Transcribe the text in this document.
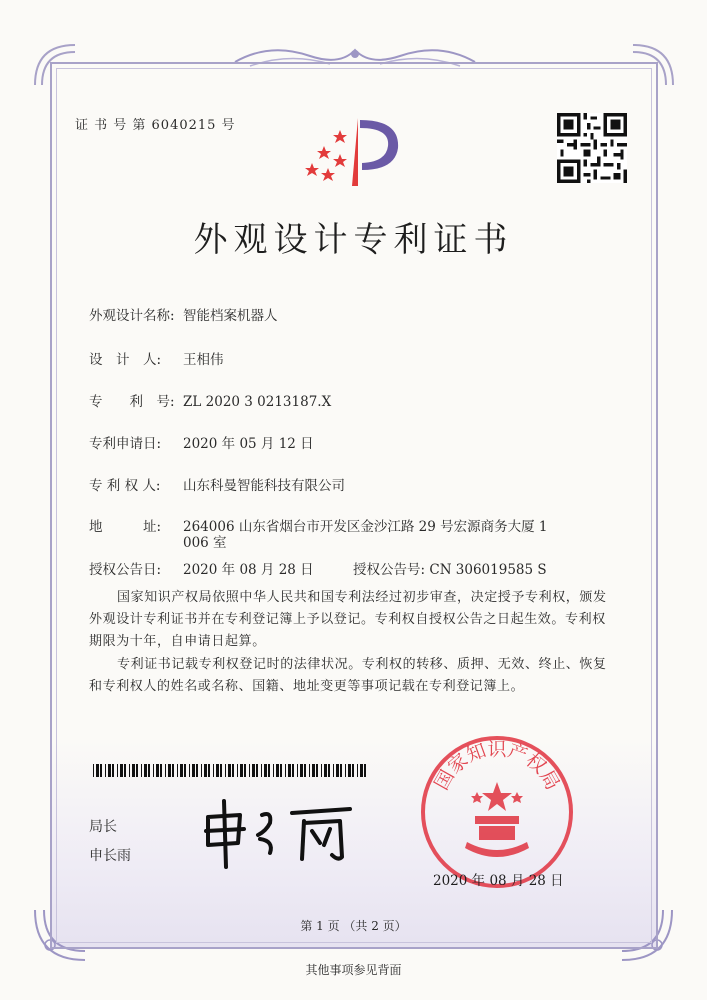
证 书 号 第 6040215 号
外观设计专利证书
外观设计名称: 智能档案机器人
设　计　人: 王相伟
专　　利　号: ZL 2020 3 0213187.X
专利申请日: 2020 年 05 月 12 日
专 利 权 人: 山东科曼智能科技有限公司
地　　　址: 264006 山东省烟台市开发区金沙江路 29 号宏源商务大厦 1
006 室
授权公告日: 2020 年 08 月 28 日	授权公告号: CN 306019585 S
国家知识产权局依照中华人民共和国专利法经过初步审查，决定授予专利权，颁发外观设计专利证书并在专利登记簿上予以登记。专利权自授权公告之日起生效。专利权期限为十年，自申请日起算。
专利证书记载专利权登记时的法律状况。专利权的转移、质押、无效、终止、恢复和专利权人的姓名或名称、国籍、地址变更等事项记载在专利登记簿上。
局长
申长雨
国家知识产权局
2020 年 08 月 28 日
第 1 页 （共 2 页）
其他事项参见背面
